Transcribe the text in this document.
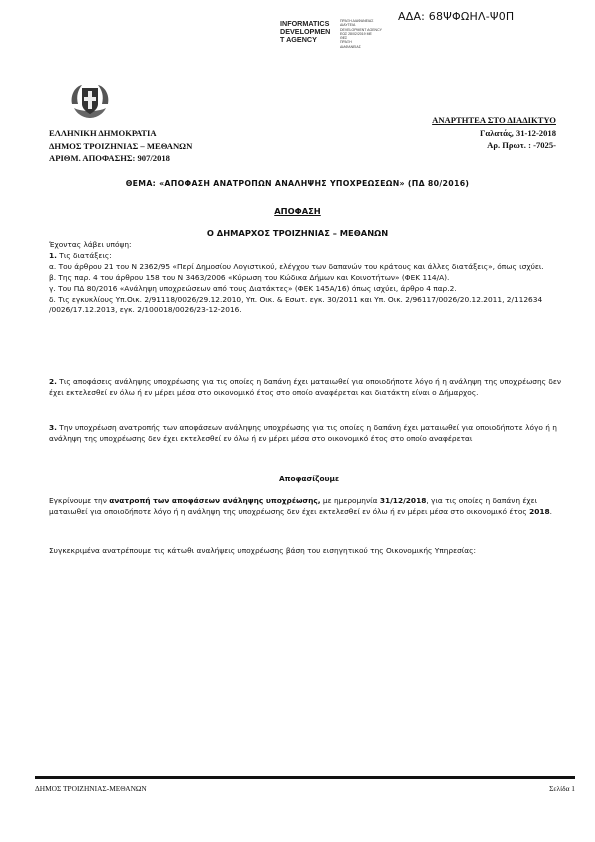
ΑΔΑ: 68ΨΦΩΗΛ-Ψ0Π
INFORMATICS
DEVELOPMEN
T AGENCY
ΠΡΑΞΗ ΔΙΑΦΑΝΕΙΑΣ
ΔΙΑΥΓΕΙΑ
DEVELOPMENT AGENCY
ΕΩΣ 28/02/2019 ΜΕ
ΘΕΣ
ΠΡΑΞΗ
ΔΙΑΦΑΝΕΙΑΣ
ΕΛΛΗΝΙΚΗ ΔΗΜΟΚΡΑΤΙΑ
ΔΗΜΟΣ ΤΡΟΙΖΗΝΙΑΣ – ΜΕΘΑΝΩΝ
ΑΡΙΘΜ. ΑΠΟΦΑΣΗΣ: 907/2018
ΑΝΑΡΤΗΤΕΑ ΣΤΟ ΔΙΑΔΙΚΤΥΟ
Γαλατάς, 31-12-2018
Αρ. Πρωτ. : -7025-
ΘΕΜΑ: «ΑΠΟΦΑΣΗ ΑΝΑΤΡΟΠΩΝ ΑΝΑΛΗΨΗΣ ΥΠΟΧΡΕΩΣΕΩΝ» (ΠΔ 80/2016)
ΑΠΟΦΑΣΗ
Ο ΔΗΜΑΡΧΟΣ ΤΡΟΙΖΗΝΙΑΣ – ΜΕΘΑΝΩΝ

Έχοντας λάβει υπόψη:

1. Τις διατάξεις:

α. Του άρθρου 21 του Ν 2362/95 «Περί Δημοσίου Λογιστικού, ελέγχου των δαπανών του κράτους και άλλες διατάξεις», όπως ισχύει.

β. Της παρ. 4 του άρθρου 158 του Ν 3463/2006 «Κύρωση του Κώδικα Δήμων και Κοινοτήτων» (ΦΕΚ 114/Α).

γ. Του ΠΔ 80/2016 «Ανάληψη υποχρεώσεων από τους Διατάκτες» (ΦΕΚ 145Α/16) όπως ισχύει, άρθρο 4 παρ.2.

δ. Τις εγκυκλίους Υπ.Οικ. 2/91118/0026/29.12.2010, Υπ. Οικ. & Εσωτ. εγκ. 30/2011 και Υπ. Οικ. 2/96117/0026/20.12.2011, 2/112634 /0026/17.12.2013, εγκ. 2/100018/0026/23-12-2016.

2. Τις αποφάσεις ανάληψης υποχρέωσης για τις οποίες η δαπάνη έχει ματαιωθεί για οποιοδήποτε λόγο ή η ανάληψη της υποχρέωσης δεν έχει εκτελεσθεί εν όλω ή εν μέρει μέσα στο οικονομικό έτος στο οποίο αναφέρεται και διατάκτη είναι ο Δήμαρχος.

3. Την υποχρέωση ανατροπής των αποφάσεων ανάληψης υποχρέωσης για τις οποίες η δαπάνη έχει ματαιωθεί για οποιοδήποτε λόγο ή η ανάληψη της υποχρέωσης δεν έχει εκτελεσθεί εν όλω ή εν μέρει μέσα στο οικονομικό έτος στο οποίο αναφέρεται

Αποφασίζουμε

Εγκρίνουμε την ανατροπή των αποφάσεων ανάληψης υποχρέωσης, με ημερομηνία 31/12/2018, για τις οποίες η δαπάνη έχει ματαιωθεί για οποιοδήποτε λόγο ή η ανάληψη της υποχρέωσης δεν έχει εκτελεσθεί εν όλω ή εν μέρει μέσα στο οικονομικό έτος 2018.

Συγκεκριμένα ανατρέπουμε τις κάτωθι αναλήψεις υποχρέωσης βάση του εισηγητικού της Οικονομικής Υπηρεσίας:
ΔΗΜΟΣ ΤΡΟΙΖΗΝΙΑΣ-ΜΕΘΑΝΩΝ	Σελίδα 1
